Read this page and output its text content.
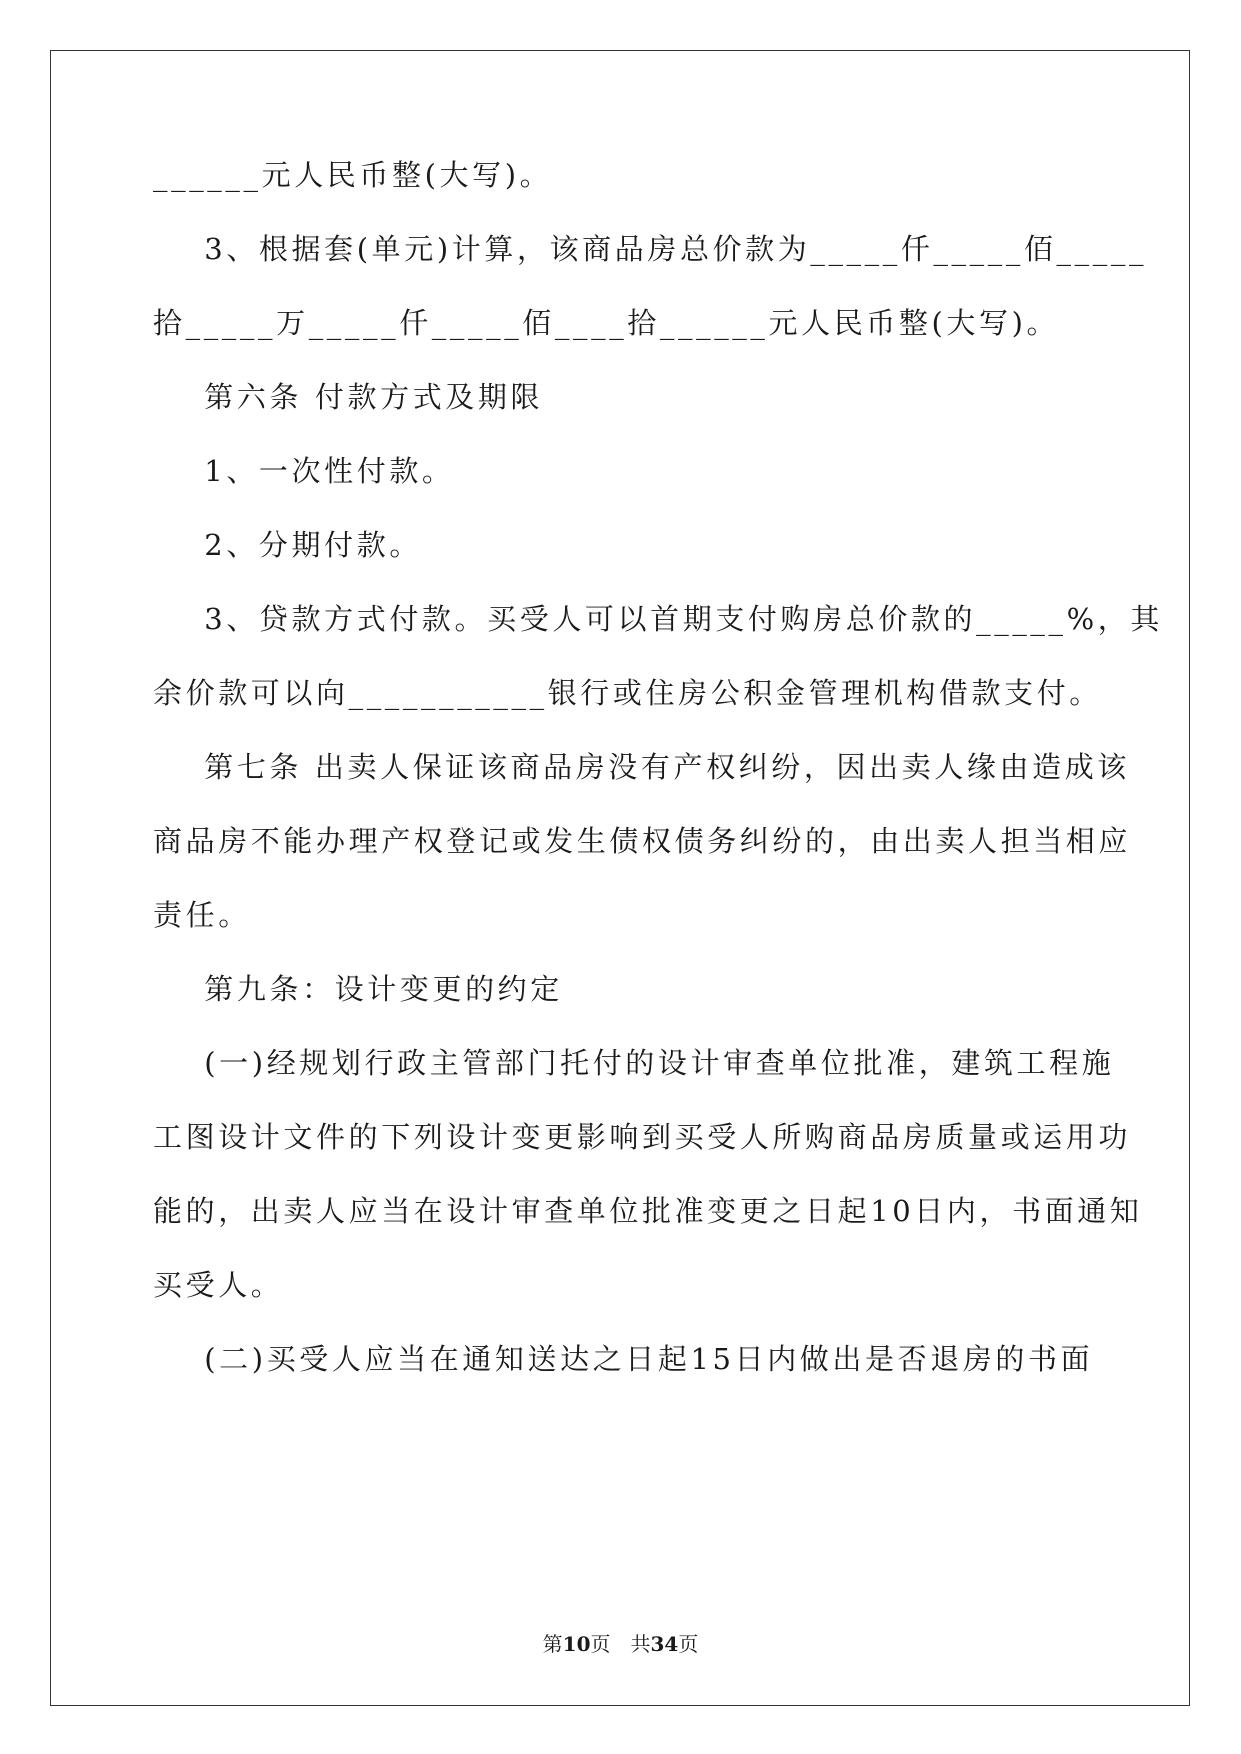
______元人民币整(大写)。
3、根据套(单元)计算，该商品房总价款为_____仟_____佰_____
拾_____万_____仟_____佰____拾______元人民币整(大写)。
第六条 付款方式及期限
1、一次性付款。
2、分期付款。
3、贷款方式付款。买受人可以首期支付购房总价款的_____%，其
余价款可以向___________银行或住房公积金管理机构借款支付。
第七条 出卖人保证该商品房没有产权纠纷，因出卖人缘由造成该
商品房不能办理产权登记或发生债权债务纠纷的，由出卖人担当相应
责任。
第九条：设计变更的约定
(一)经规划行政主管部门托付的设计审查单位批准，建筑工程施
工图设计文件的下列设计变更影响到买受人所购商品房质量或运用功
能的，出卖人应当在设计审查单位批准变更之日起10日内，书面通知
买受人。
(二)买受人应当在通知送达之日起15日内做出是否退房的书面
第10页　共34页
